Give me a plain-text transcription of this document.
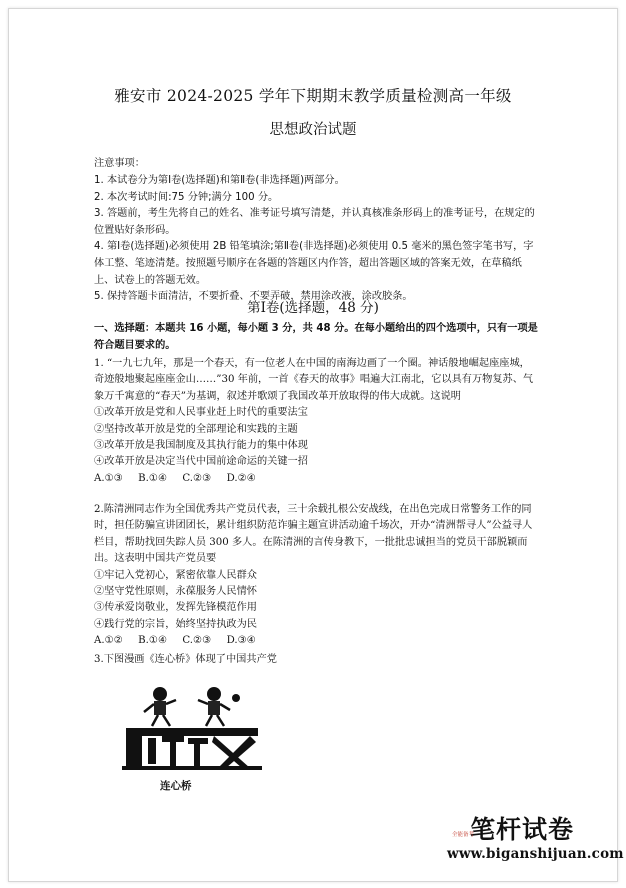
雅安市 2024-2025 学年下期期末教学质量检测高一年级
思想政治试题
注意事项：
1. 本试卷分为第Ⅰ卷(选择题)和第Ⅱ卷(非选择题)两部分。
2. 本次考试时间:75 分钟;满分 100 分。
3. 答题前，考生先将自己的姓名、准考证号填写清楚，并认真核准条形码上的准考证号，在规定的位置贴好条形码。
4. 第Ⅰ卷(选择题)必须使用 2B 铅笔填涂;第Ⅱ卷(非选择题)必须使用 0.5 毫米的黑色签字笔书写，字体工整、笔迹清楚。按照题号顺序在各题的答题区内作答，超出答题区域的答案无效，在草稿纸上、试卷上的答题无效。
5. 保持答题卡面清洁，不要折叠、不要弄破，禁用涂改液，涂改胶条。
第Ⅰ卷(选择题，48 分)
一、选择题：本题共 16 小题，每小题 3 分，共 48 分。在每小题给出的四个选项中，只有一项是符合题目要求的。
1. “一九七九年，那是一个春天，有一位老人在中国的南海边画了一个圈。神话般地崛起座座城，奇迹般地聚起座座金山……”30 年前，一首《春天的故事》唱遍大江南北，它以具有万物复苏、气象万千寓意的“春天”为基调，叙述并歌颂了我国改革开放取得的伟大成就。这说明
①改革开放是党和人民事业赶上时代的重要法宝
②坚持改革开放是党的全部理论和实践的主题
③改革开放是我国制度及其执行能力的集中体现
④改革开放是决定当代中国前途命运的关键一招
A.①③ B.①④ C.②③ D.②④
2.陈清洲同志作为全国优秀共产党员代表，三十余载扎根公安战线，在出色完成日常警务工作的同时，担任防骗宣讲团团长，累计组织防范诈骗主题宣讲活动逾千场次，开办“清洲帮寻人”公益寻人栏目，帮助找回失踪人员 300 多人。在陈清洲的言传身教下，一批批忠诚担当的党员干部脱颖而出。这表明中国共产党员要
①牢记入党初心，紧密依靠人民群众
②坚守党性原则，永葆服务人民情怀
③传承爱岗敬业，发挥先锋模范作用
④践行党的宗旨，始终坚持执政为民
A.①② B.①④ C.②③ D.③④
3.下图漫画《连心桥》体现了中国共产党
连心桥
笔杆试卷
全能备考
www.biganshijuan.com
